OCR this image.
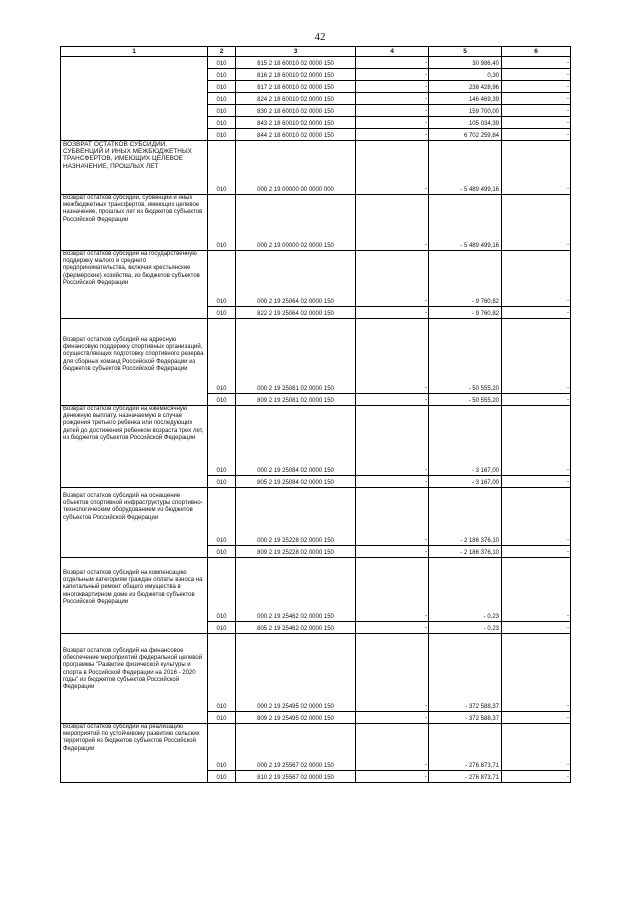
42
1	2	3	4	5	6
	010	815 2 18 60010 02 0000 150	-	30 986,40	-

	010	816 2 18 60010 02 0000 150	-	0,30	-

	010	817 2 18 60010 02 0000 150	-	238 428,96	-

	010	824 2 18 60010 02 0000 150	-	146 469,39	-

	010	830 2 18 60010 02 0000 150	-	159 700,00	-

	010	843 2 18 60010 02 0000 150	-	105 034,39	-

	010	844 2 18 60010 02 0000 150	-	6 702 259,84	-

ВОЗВРАТ ОСТАТКОВ СУБСИДИЙ, СУБВЕНЦИЙ И ИНЫХ МЕЖБЮДЖЕТНЫХ ТРАНСФЕРТОВ, ИМЕЮЩИХ ЦЕЛЕВОЕ НАЗНАЧЕНИЕ, ПРОШЛЫХ ЛЕТ	010	000 2 19 00000 00 0000 000	-	- 5 489 499,16	-

Возврат остатков субсидий, субвенций и иных межбюджетных трансфертов, имеющих целевое назначение, прошлых лет из бюджетов субъектов Российской Федерации	010	000 2 19 00000 02 0000 150	-	- 5 489 499,16	-

Возврат остатков субсидий на государственную поддержку малого и среднего предпринимательства, включая крестьянские (фермерские) хозяйства, из бюджетов субъектов Российской Федерации	010	000 2 19 25064 02 0000 150	-	- 9 760,82	-

	010	822 2 19 25064 02 0000 150	-	- 9 760,82	-

Возврат остатков субсидий на адресную финансовую поддержку спортивных организаций, осуществляющих подготовку спортивного резерва для сборных команд Российской Федерации из бюджетов субъектов Российской Федерации	010	000 2 19 25081 02 0000 150	-	- 50 555,20	-

	010	809 2 19 25081 02 0000 150	-	- 50 555,20	-

Возврат остатков субсидий на ежемесячную денежную выплату, назначаемую в случае рождения третьего ребенка или последующих детей до достижения ребенком возраста трех лет, из бюджетов субъектов Российской Федерации	010	000 2 19 25084 02 0000 150	-	- 3 167,00	-

	010	805 2 19 25084 02 0000 150	-	- 3 167,00	-

Возврат остатков субсидий на оснащение объектов спортивной инфраструктуры спортивно-технологическим оборудованием из бюджетов субъектов Российской Федерации	010	000 2 19 25228 02 0000 150	-	- 2 186 376,10	-

	010	809 2 19 25228 02 0000 150	-	- 2 186 376,10	-

Возврат остатков субсидий на компенсацию отдельным категориям граждан оплаты взноса на капитальный ремонт общего имущества в многоквартирном доме из бюджетов субъектов Российской Федерации	010	000 2 19 25462 02 0000 150	-	- 0,23	-

	010	805 2 19 25462 02 0000 150	-	- 0,23	-

Возврат остатков субсидий на финансовое обеспечение мероприятий федеральной целевой программы "Развитие физической культуры и спорта в Российской Федерации на 2016 - 2020 годы" из бюджетов субъектов Российской Федерации	010	000 2 19 25495 02 0000 150	-	- 372 588,37	-

	010	809 2 19 25495 02 0000 150	-	- 372 588,37	-

Возврат остатков субсидий на реализацию мероприятий по устойчивому развитию сельских территорий из бюджетов субъектов Российской Федерации	010	000 2 19 25567 02 0000 150	-	- 276 873,71	-

	010	810 2 19 25567 02 0000 150	-	- 276 873,71	-
